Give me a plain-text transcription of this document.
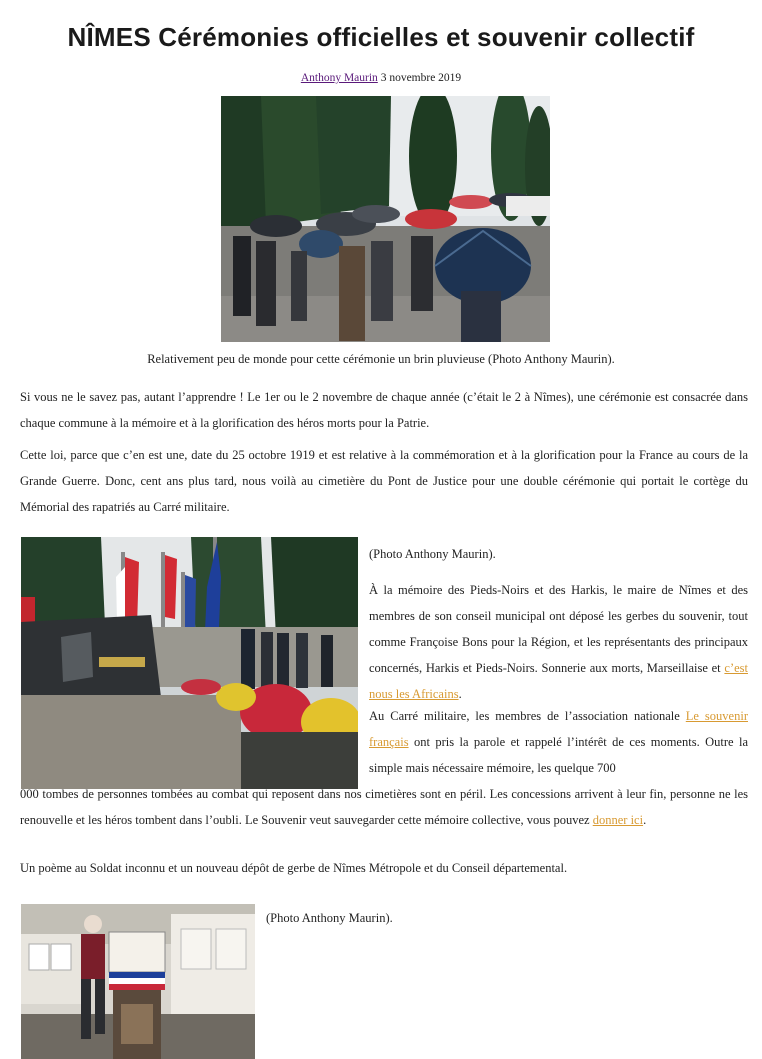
NÎMES Cérémonies officielles et souvenir collectif
Anthony Maurin 3 novembre 2019
Relativement peu de monde pour cette cérémonie un brin pluvieuse (Photo Anthony Maurin).

Si vous ne le savez pas, autant l’apprendre ! Le 1er ou le 2 novembre de chaque année (c’était le 2 à Nîmes), une cérémonie est consacrée dans chaque commune à la mémoire et à la glorification des héros morts pour la Patrie.

Cette loi, parce que c’en est une, date du 25 octobre 1919 et est relative à la commémoration et à la glorification pour la France au cours de la Grande Guerre. Donc, cent ans plus tard, nous voilà au cimetière du Pont de Justice pour une double cérémonie qui portait le cortège du Mémorial des rapatriés au Carré militaire.

(Photo Anthony Maurin).

À la mémoire des Pieds-Noirs et des Harkis, le maire de Nîmes et des membres de son conseil municipal ont déposé les gerbes du souvenir, tout comme Françoise Bons pour la Région, et les représentants des principaux concernés, Harkis et Pieds-Noirs. Sonnerie aux morts, Marseillaise et c’est nous les Africains.

Au Carré militaire, les membres de l’association nationale Le souvenir français ont pris la parole et rappelé l’intérêt de ces moments. Outre la simple mais nécessaire mémoire, les quelque 700

000 tombes de personnes tombées au combat qui reposent dans nos cimetières sont en péril. Les concessions arrivent à leur fin, personne ne les renouvelle et les héros tombent dans l’oubli. Le Souvenir veut sauvegarder cette mémoire collective, vous pouvez donner ici.

Un poème au Soldat inconnu et un nouveau dépôt de gerbe de Nîmes Métropole et du Conseil départemental.

(Photo Anthony Maurin).
